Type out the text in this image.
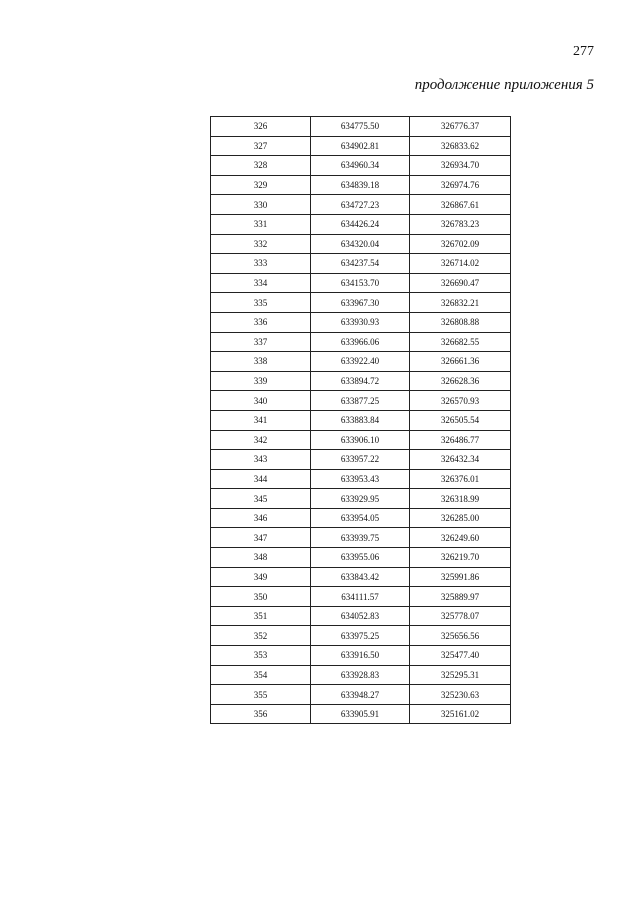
277
продолжение приложения 5
326	634775.50	326776.37
327	634902.81	326833.62
328	634960.34	326934.70
329	634839.18	326974.76
330	634727.23	326867.61
331	634426.24	326783.23
332	634320.04	326702.09
333	634237.54	326714.02
334	634153.70	326690.47
335	633967.30	326832.21
336	633930.93	326808.88
337	633966.06	326682.55
338	633922.40	326661.36
339	633894.72	326628.36
340	633877.25	326570.93
341	633883.84	326505.54
342	633906.10	326486.77
343	633957.22	326432.34
344	633953.43	326376.01
345	633929.95	326318.99
346	633954.05	326285.00
347	633939.75	326249.60
348	633955.06	326219.70
349	633843.42	325991.86
350	634111.57	325889.97
351	634052.83	325778.07
352	633975.25	325656.56
353	633916.50	325477.40
354	633928.83	325295.31
355	633948.27	325230.63
356	633905.91	325161.02
